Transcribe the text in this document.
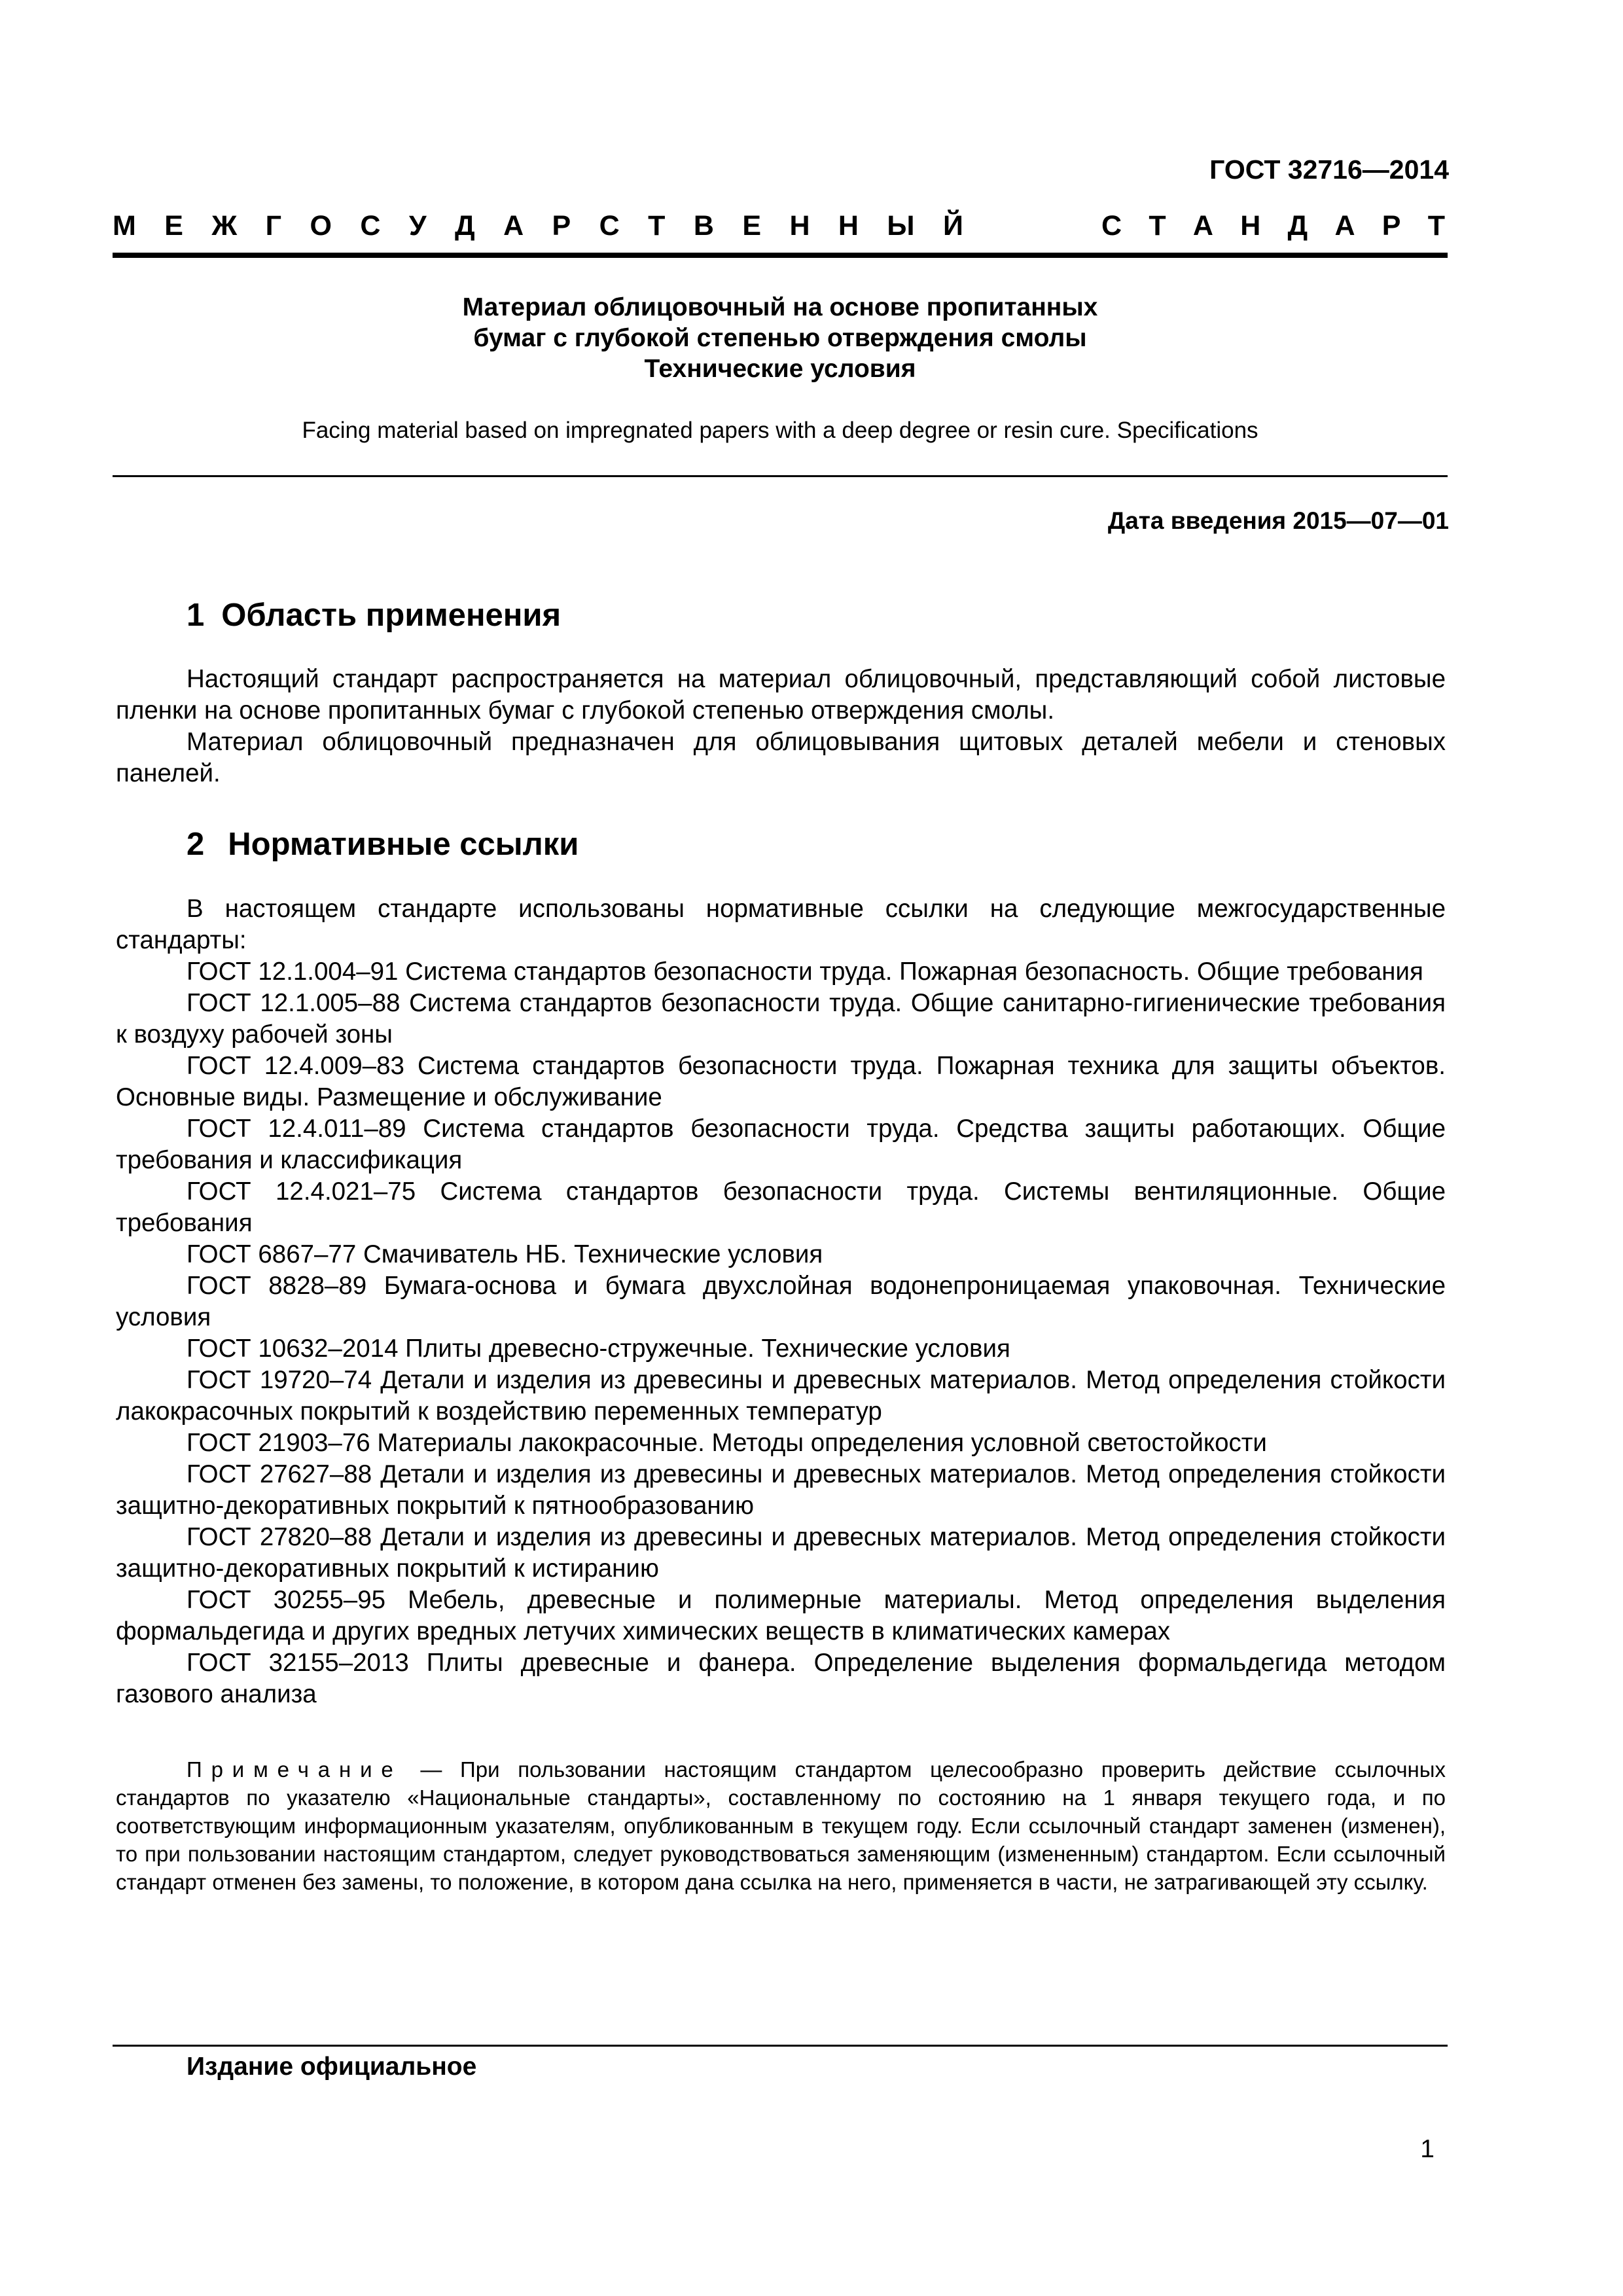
ГОСТ 32716—2014
М Е Ж Г О С У Д А Р С Т В Е Н Н Ы Й	С Т А Н Д А Р Т
Материал облицовочный на основе пропитанных
бумаг с глубокой степенью отверждения смолы
Технические условия
Facing material based on impregnated papers with a deep degree or resin cure. Specifications
Дата введения 2015—07—01
1 Область применения

Настоящий стандарт распространяется на материал облицовочный, представляющий собой листовые пленки на основе пропитанных бумаг с глубокой степенью отверждения смолы.

Материал облицовочный предназначен для облицовывания щитовых деталей мебели и стеновых панелей.

2 Нормативные ссылки

В настоящем стандарте использованы нормативные ссылки на следующие межгосударственные стандарты:

ГОСТ 12.1.004–91 Система стандартов безопасности труда. Пожарная безопасность. Общие требования

ГОСТ 12.1.005–88 Система стандартов безопасности труда. Общие санитарно-гигиенические требования к воздуху рабочей зоны

ГОСТ 12.4.009–83 Система стандартов безопасности труда. Пожарная техника для защиты объектов. Основные виды. Размещение и обслуживание

ГОСТ 12.4.011–89 Система стандартов безопасности труда. Средства защиты работающих. Общие требования и классификация

ГОСТ 12.4.021–75 Система стандартов безопасности труда. Системы вентиляционные. Общие требования

ГОСТ 6867–77 Смачиватель НБ. Технические условия

ГОСТ 8828–89 Бумага-основа и бумага двухслойная водонепроницаемая упаковочная. Технические условия

ГОСТ 10632–2014 Плиты древесно-стружечные. Технические условия

ГОСТ 19720–74 Детали и изделия из древесины и древесных материалов. Метод определения стойкости лакокрасочных покрытий к воздействию переменных температур

ГОСТ 21903–76 Материалы лакокрасочные. Методы определения условной светостойкости

ГОСТ 27627–88 Детали и изделия из древесины и древесных материалов. Метод определения стойкости защитно-декоративных покрытий к пятнообразованию

ГОСТ 27820–88 Детали и изделия из древесины и древесных материалов. Метод определения стойкости защитно-декоративных покрытий к истиранию

ГОСТ 30255–95 Мебель, древесные и полимерные материалы. Метод определения выделения формальдегида и других вредных летучих химических веществ в климатических камерах

ГОСТ 32155–2013 Плиты древесные и фанера. Определение выделения формальдегида методом газового анализа

Примечание — При пользовании настоящим стандартом целесообразно проверить действие ссылочных стандартов по указателю «Национальные стандарты», составленному по состоянию на 1 января текущего года, и по соответствующим информационным указателям, опубликованным в текущем году. Если ссылочный стандарт заменен (изменен), то при пользовании настоящим стандартом, следует руководствоваться заменяющим (измененным) стандартом. Если ссылочный стандарт отменен без замены, то положение, в котором дана ссылка на него, применяется в части, не затрагивающей эту ссылку.

Издание официальное
1
